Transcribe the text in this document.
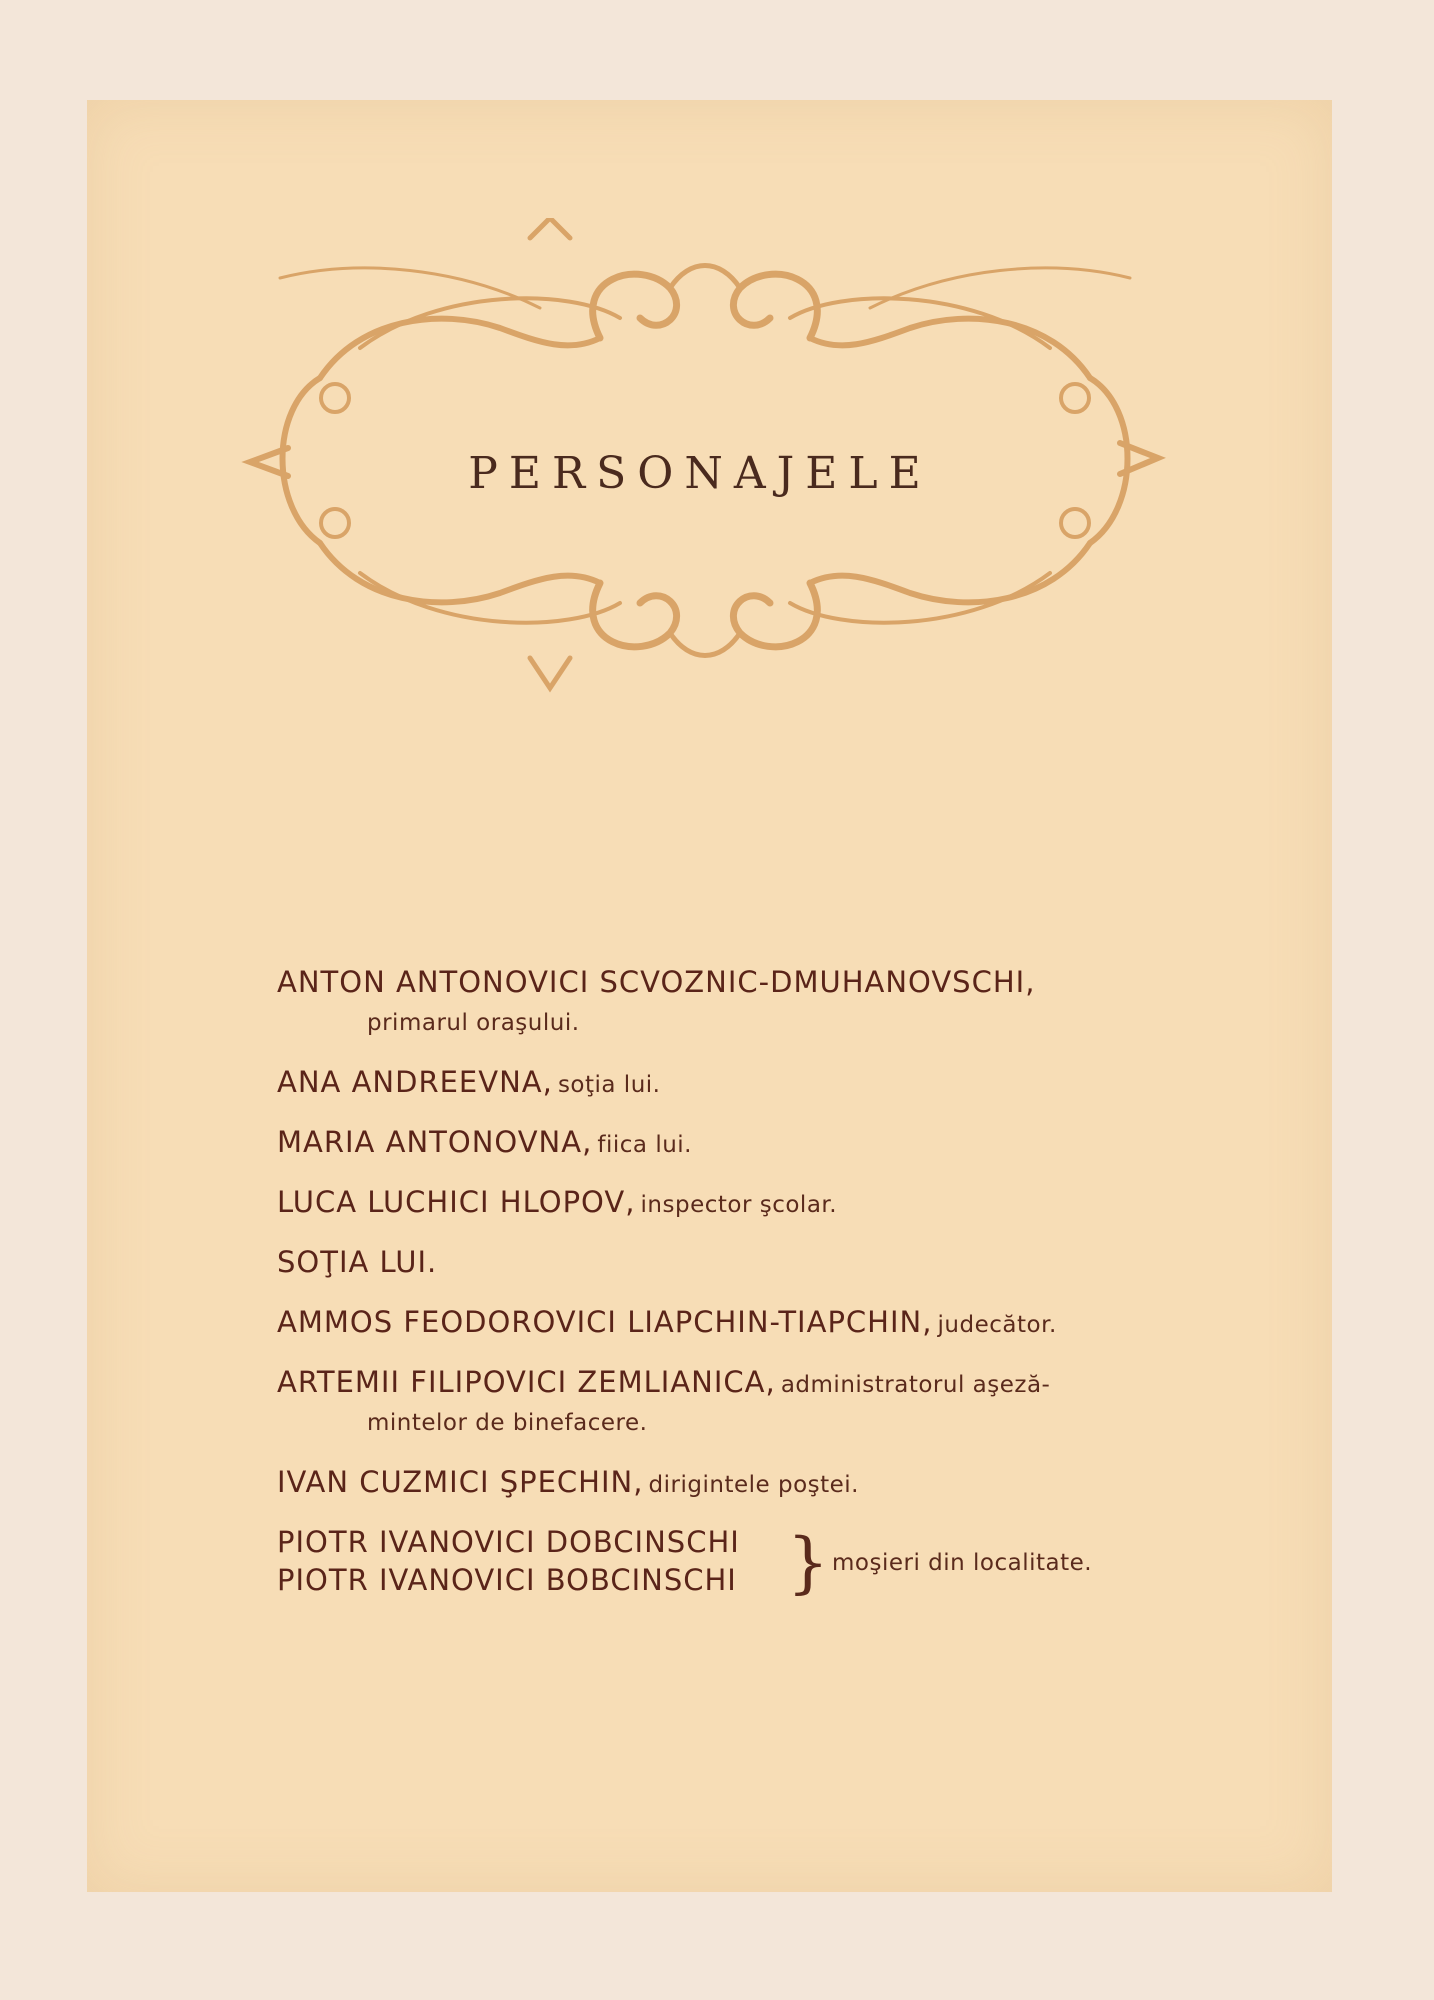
PERSONAJELE
ANTON ANTONOVICI SCVOZNIC-DMUHANOVSCHI,
primarul oraşului.
ANA ANDREEVNA, soţia lui.
MARIA ANTONOVNA, fiica lui.
LUCA LUCHICI HLOPOV, inspector şcolar.
SOŢIA LUI.
AMMOS FEODOROVICI LIAPCHIN-TIAPCHIN, judecător.
ARTEMII FILIPOVICI ZEMLIANICA, administratorul aşeză-
mintelor de binefacere.
IVAN CUZMICI ŞPECHIN, dirigintele poştei.
PIOTR IVANOVICI DOBCINSCHI
PIOTR IVANOVICI BOBCINSCHI } moşieri din localitate.
